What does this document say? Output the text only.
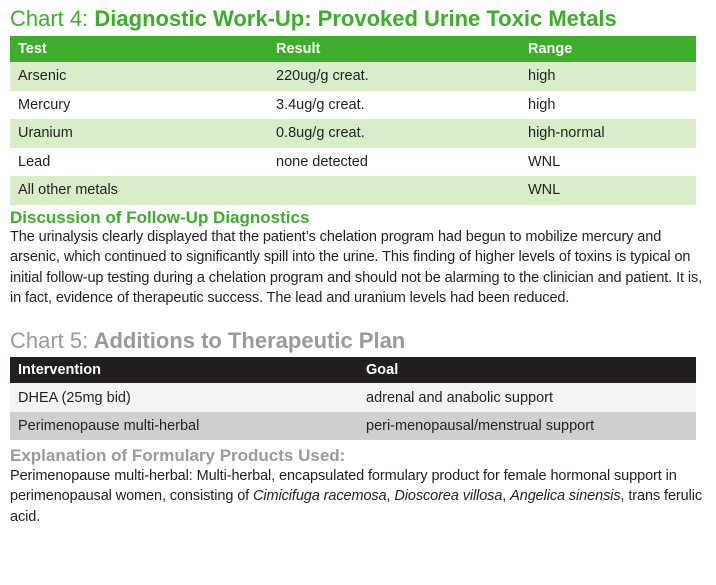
Chart 4: Diagnostic Work-Up: Provoked Urine Toxic Metals
Test	Result	Range
Arsenic	220ug/g creat.	high
Mercury	3.4ug/g creat.	high
Uranium	0.8ug/g creat.	high-normal
Lead	none detected	WNL
All other metals		WNL
Discussion of Follow-Up Diagnostics

The urinalysis clearly displayed that the patient’s chelation program had begun to mobilize mercury and arsenic, which continued to significantly spill into the urine. This finding of higher levels of toxins is typical on initial follow-up testing during a chelation program and should not be alarming to the clinician and patient. It is, in fact, evidence of therapeutic success. The lead and uranium levels had been reduced.

Chart 5: Additions to Therapeutic Plan
Intervention	Goal
DHEA (25mg bid)	adrenal and anabolic support
Perimenopause multi-herbal	peri-menopausal/menstrual support
Explanation of Formulary Products Used:

Perimenopause multi-herbal: Multi-herbal, encapsulated formulary product for female hormonal support in perimenopausal women, consisting of Cimicifuga racemosa, Dioscorea villosa, Angelica sinensis, trans ferulic acid.
